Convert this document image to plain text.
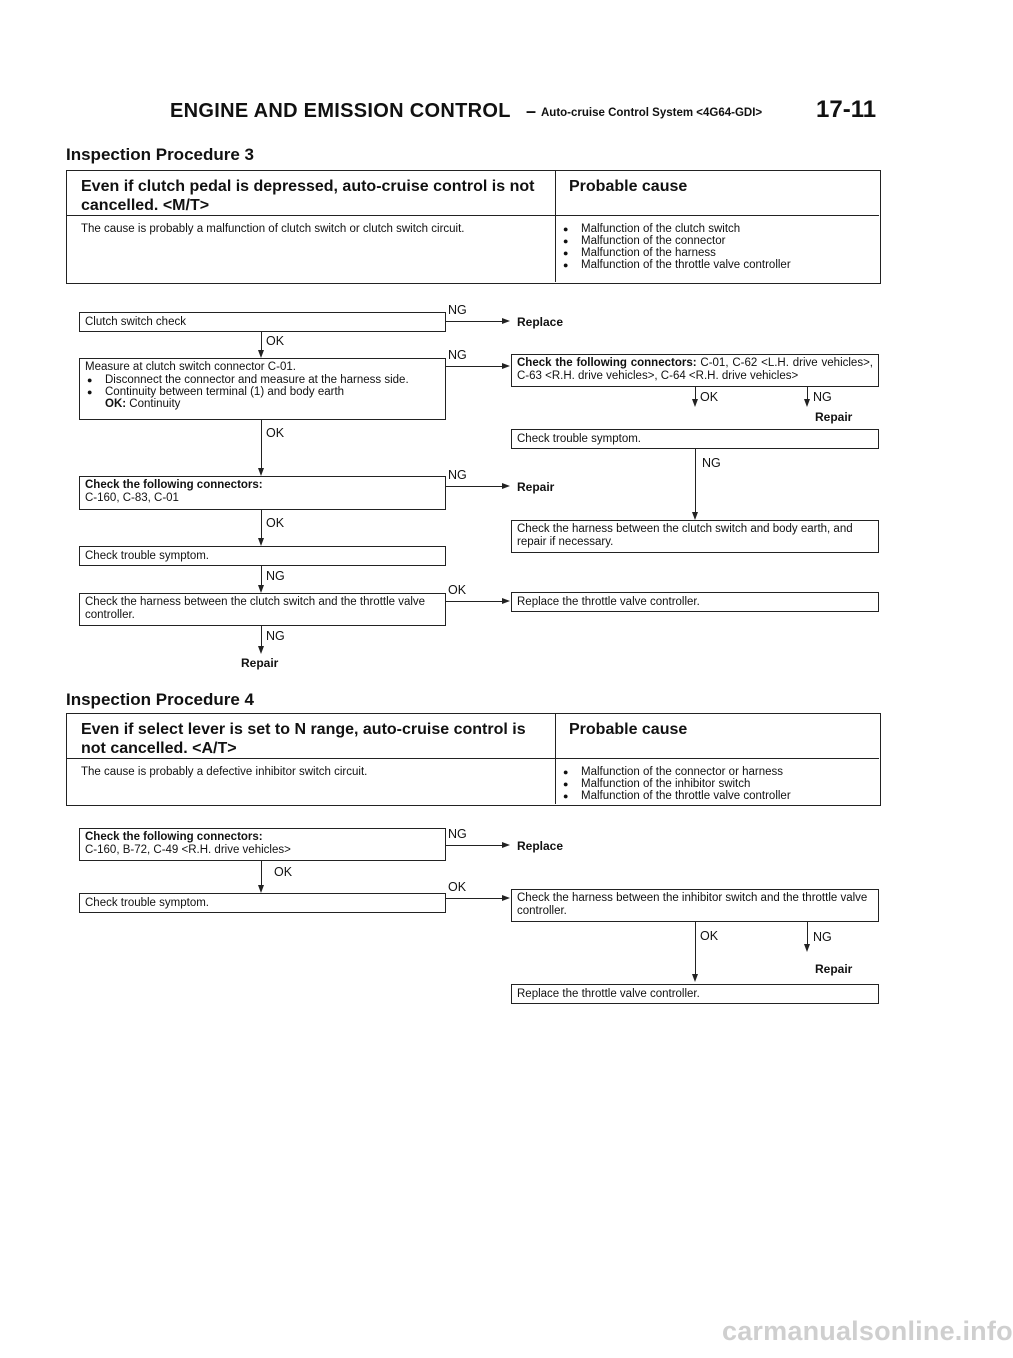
ENGINE AND EMISSION CONTROL – Auto-cruise Control System <4G64-GDI> 17-11
Inspection Procedure 3
Even if clutch pedal is depressed, auto-cruise control is not cancelled. <M/T>
Probable cause
The cause is probably a malfunction of clutch switch or clutch switch circuit.	● Malfunction of the clutch switch
● Malfunction of the connector
● Malfunction of the harness
● Malfunction of the throttle valve controller
Clutch switch check
Measure at clutch switch connector C-01.
● Disconnect the connector and measure at the harness side.
● Continuity between terminal (1) and body earth
OK: Continuity
Check the following connectors:
C-160, C-83, C-01
Check trouble symptom.
Check the harness between the clutch switch and the throttle valve controller.
OK
OK
OK
NG
NG
Repair
NG
Replace
NG
NG
Repair
OK
Check the following connectors: C-01, C-62 <L.H. drive vehicles>, C-63 <R.H. drive vehicles>, C-64 <R.H. drive vehicles>
OK	NG
Repair
Check trouble symptom.
NG
Check the harness between the clutch switch and body earth, and repair if necessary.
Replace the throttle valve controller.
Inspection Procedure 4
Even if select lever is set to N range, auto-cruise control is not cancelled. <A/T>
Probable cause
The cause is probably a defective inhibitor switch circuit.	● Malfunction of the connector or harness
● Malfunction of the inhibitor switch
● Malfunction of the throttle valve controller
Check the following connectors:
C-160, B-72, C-49 <R.H. drive vehicles>
NG
Replace
OK
Check trouble symptom.
OK
Check the harness between the inhibitor switch and the throttle valve controller.
OK	NG
Repair
Replace the throttle valve controller.
carmanualsonline.info
